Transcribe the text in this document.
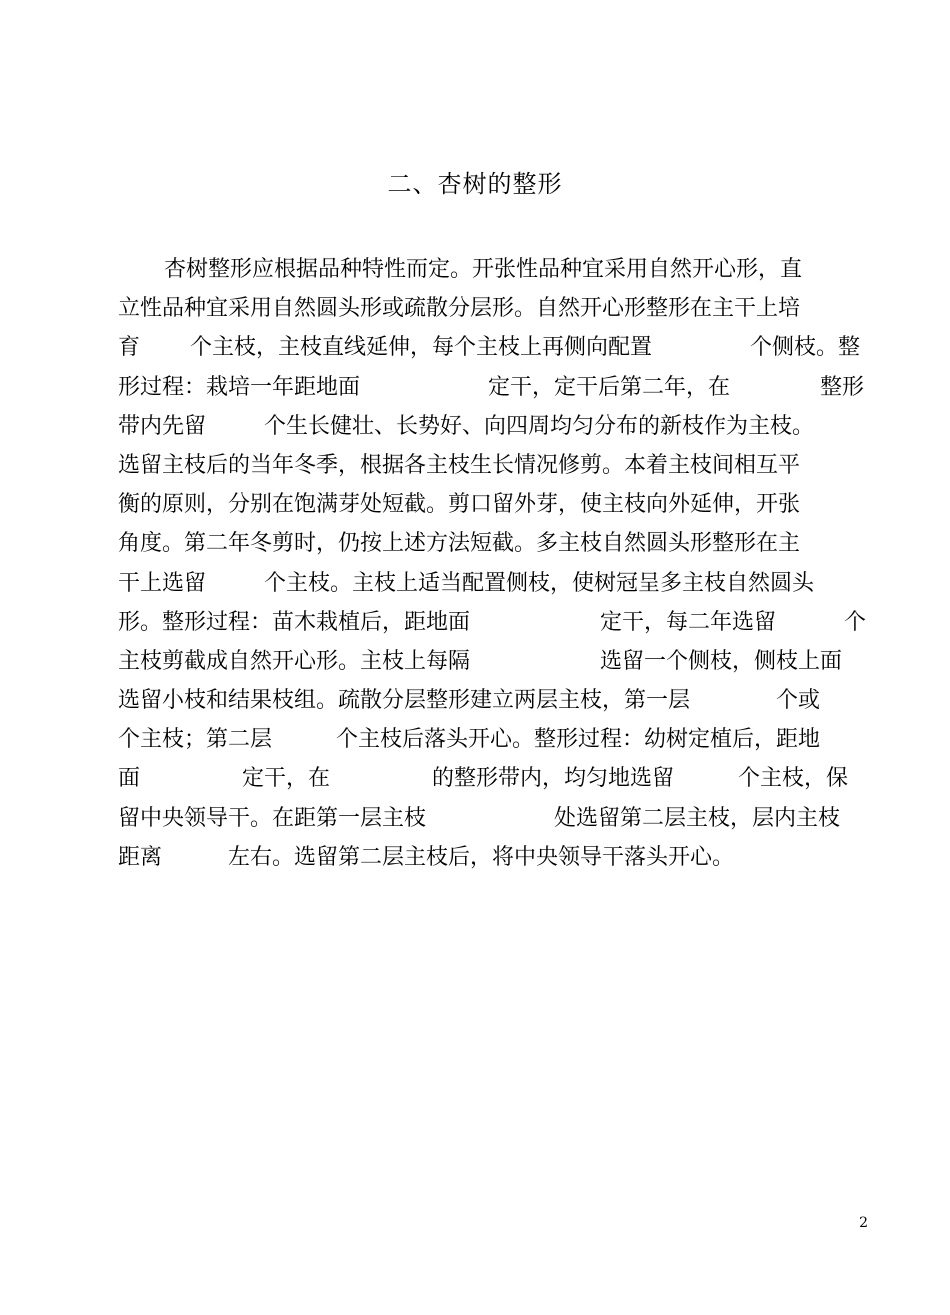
二、杏树的整形
杏树整形应根据品种特性而定。开张性品种宜采用自然开心形，直
立性品种宜采用自然圆头形或疏散分层形。自然开心形整形在主干上培
育 个主枝，主枝直线延伸，每个主枝上再侧向配置	个侧枝。整
形过程：栽培一年距地面	定干，定干后第二年，在	整形
带内先留	个生长健壮、长势好、向四周均匀分布的新枝作为主枝。
选留主枝后的当年冬季，根据各主枝生长情况修剪。本着主枝间相互平
衡的原则，分别在饱满芽处短截。剪口留外芽，使主枝向外延伸，开张
角度。第二年冬剪时，仍按上述方法短截。多主枝自然圆头形整形在主
干上选留	个主枝。主枝上适当配置侧枝，使树冠呈多主枝自然圆头
形。整形过程：苗木栽植后，距地面	定干，每二年选留	个
主枝剪截成自然开心形。主枝上每隔	选留一个侧枝，侧枝上面
选留小枝和结果枝组。疏散分层整形建立两层主枝，第一层	个或
个主枝；第二层	个主枝后落头开心。整形过程：幼树定植后，距地
面	定干，在	的整形带内，均匀地选留	个主枝，保
留中央领导干。在距第一层主枝	处选留第二层主枝，层内主枝
距离	左右。选留第二层主枝后，将中央领导干落头开心。
2
